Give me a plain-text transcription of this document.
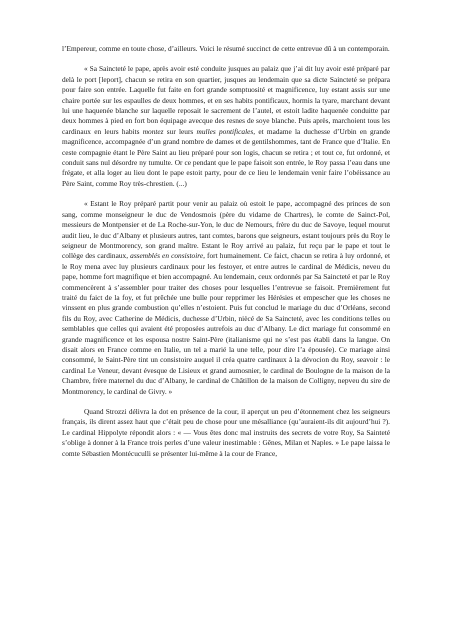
l’Empereur, comme en toute chose, d’ailleurs. Voici le résumé succinct de cette entrevue dû à un contemporain.

« Sa Saincteté le pape, après avoir esté conduite jusques au palaiz que j’ai dit luy avoir esté préparé par delà le port [leport], chacun se retira en son quartier, jusques au lendemain que sa dicte Saincteté se prépara pour faire son entrée. Laquelle fut faite en fort grande somptuosité et magnificence, luy estant assis sur une chaire portée sur les espaulles de deux hommes, et en ses habits pontificaux, hormis la tyare, marchant devant lui une haquenée blanche sur laquelle reposait le sacrement de l’autel, et estoit ladite haquenée conduitte par deux hommes à pied en fort bon équipage avecque des resnes de soye blanche. Puis après, marchoient tous les cardinaux en leurs habits montez sur leurs mulles pontificales, et madame la duchesse d’Urbin en grande magnificence, accompagnée d’un grand nombre de dames et de gentilshommes, tant de France que d’Italie. En ceste compagnie étant le Père Saint au lieu préparé pour son logis, chacun se retira ; et tout ce, fut ordonné, et conduit sans nul désordre ny tumulte. Or ce pendant que le pape faisoit son entrée, le Roy passa l’eau dans une frégate, et alla loger au lieu dont le pape estoit party, pour de ce lieu le lendemain venir faire l’obéissance au Père Saint, comme Roy très-chrestien. (...)

« Estant le Roy préparé partit pour venir au palaiz où estoit le pape, accompagné des princes de son sang, comme monseigneur le duc de Vendosmois (père du vidame de Chartres), le comte de Sainct-Pol, messieurs de Montpensier et de La Roche-sur-Yon, le duc de Nemours, frère du duc de Savoye, lequel mourut audit lieu, le duc d’Albany et plusieurs autres, tant comtes, barons que seigneurs, estant toujours près du Roy le seigneur de Montmorency, son grand maître. Estant le Roy arrivé au palaiz, fut reçu par le pape et tout le collège des cardinaux, assemblés en consistoire, fort humainement. Ce faict, chacun se retira à luy ordonné, et le Roy mena avec luy plusieurs cardinaux pour les festoyer, et entre autres le cardinal de Médicis, neveu du pape, homme fort magnifique et bien accompagné. Au lendemain, ceux ordonnés par Sa Saincteté et par le Roy commencèrent à s’assembler pour traiter des choses pour lesquelles l’entrevue se faisoit. Premièrement fut traité du faict de la foy, et fut prêchée une bulle pour repprimer les Hérésies et empescher que les choses ne vinssent en plus grande combustion qu’elles n’estoient. Puis fut conclud le mariage du duc d’Orléans, second fils du Roy, avec Catherine de Médicis, duchesse d’Urbin, niècé de Sa Saincteté, avec les conditions telles ou semblables que celles qui avaient été proposées autrefois au duc d’Albany. Le dict mariage fut consommé en grande magnificence et les espousa nostre Saint-Père (italianisme qui ne s’est pas établi dans la langue. On disait alors en France comme en Italie, un tel a marié la une telle, pour dire l’a épousée). Ce mariage ainsi consommé, le Saint-Père tint un consistoire auquel il créa quatre cardinaux à la dévocion du Roy, seavoir : le cardinal Le Veneur, devant évesque de Lisieux et grand aumosnier, le cardinal de Boulogne de la maison de la Chambre, frère maternel du duc d’Albany, le cardinal de Châtillon de la maison de Colligny, nepveu du sire de Montmorency, le cardinal de Givry. »

Quand Strozzi délivra la dot en présence de la cour, il aperçut un peu d’étonnement chez les seigneurs français, ils dirent assez haut que c’était peu de chose pour une mésalliance (qu’auraient-ils dit aujourd’hui ?). Le cardinal Hippolyte répondit alors : « — Vous êtes donc mal instruits des secrets de votre Roy, Sa Sainteté s’oblige à donner à la France trois perles d’une valeur inestimable : Gênes, Milan et Naples. » Le pape laissa le comte Sébastien Montécuculli se présenter lui-même à la cour de France,
